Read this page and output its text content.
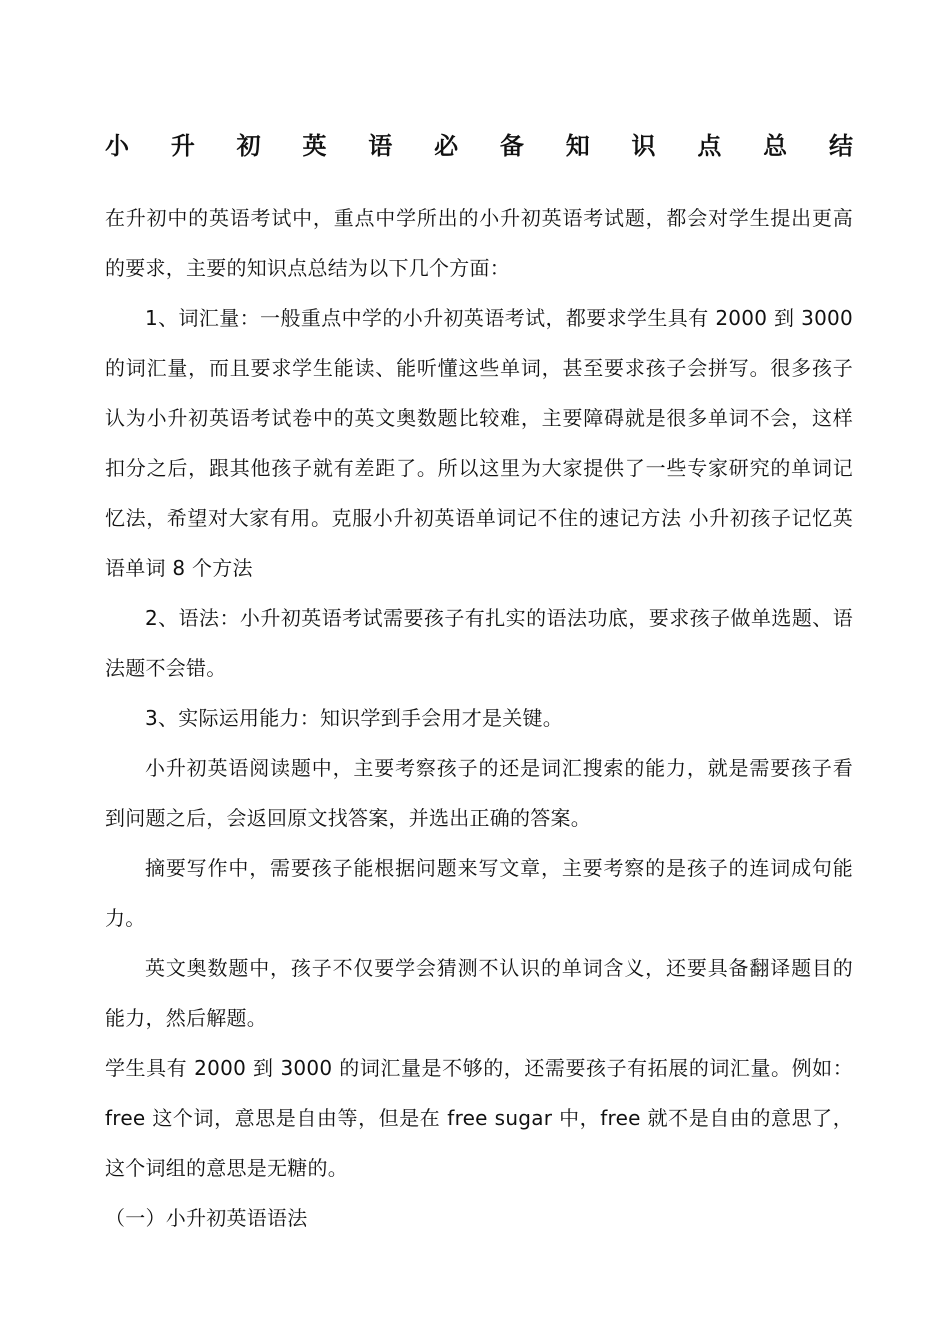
小 升 初 英 语 必 备 知 识 点 总 结

在升初中的英语考试中，重点中学所出的小升初英语考试题，都会对学生提出更高的要求，主要的知识点总结为以下几个方面：

1、词汇量：一般重点中学的小升初英语考试，都要求学生具有 2000 到 3000 的词汇量，而且要求学生能读、能听懂这些单词，甚至要求孩子会拼写。很多孩子认为小升初英语考试卷中的英文奥数题比较难，主要障碍就是很多单词不会，这样扣分之后，跟其他孩子就有差距了。所以这里为大家提供了一些专家研究的单词记忆法，希望对大家有用。克服小升初英语单词记不住的速记方法 小升初孩子记忆英语单词 8 个方法

2、语法：小升初英语考试需要孩子有扎实的语法功底，要求孩子做单选题、语法题不会错。

3、实际运用能力：知识学到手会用才是关键。

小升初英语阅读题中，主要考察孩子的还是词汇搜索的能力，就是需要孩子看到问题之后，会返回原文找答案，并选出正确的答案。

摘要写作中，需要孩子能根据问题来写文章，主要考察的是孩子的连词成句能力。

英文奥数题中，孩子不仅要学会猜测不认识的单词含义，还要具备翻译题目的能力，然后解题。

学生具有 2000 到 3000 的词汇量是不够的，还需要孩子有拓展的词汇量。例如：free 这个词，意思是自由等，但是在 free sugar 中，free 就不是自由的意思了，这个词组的意思是无糖的。

（一）小升初英语语法
